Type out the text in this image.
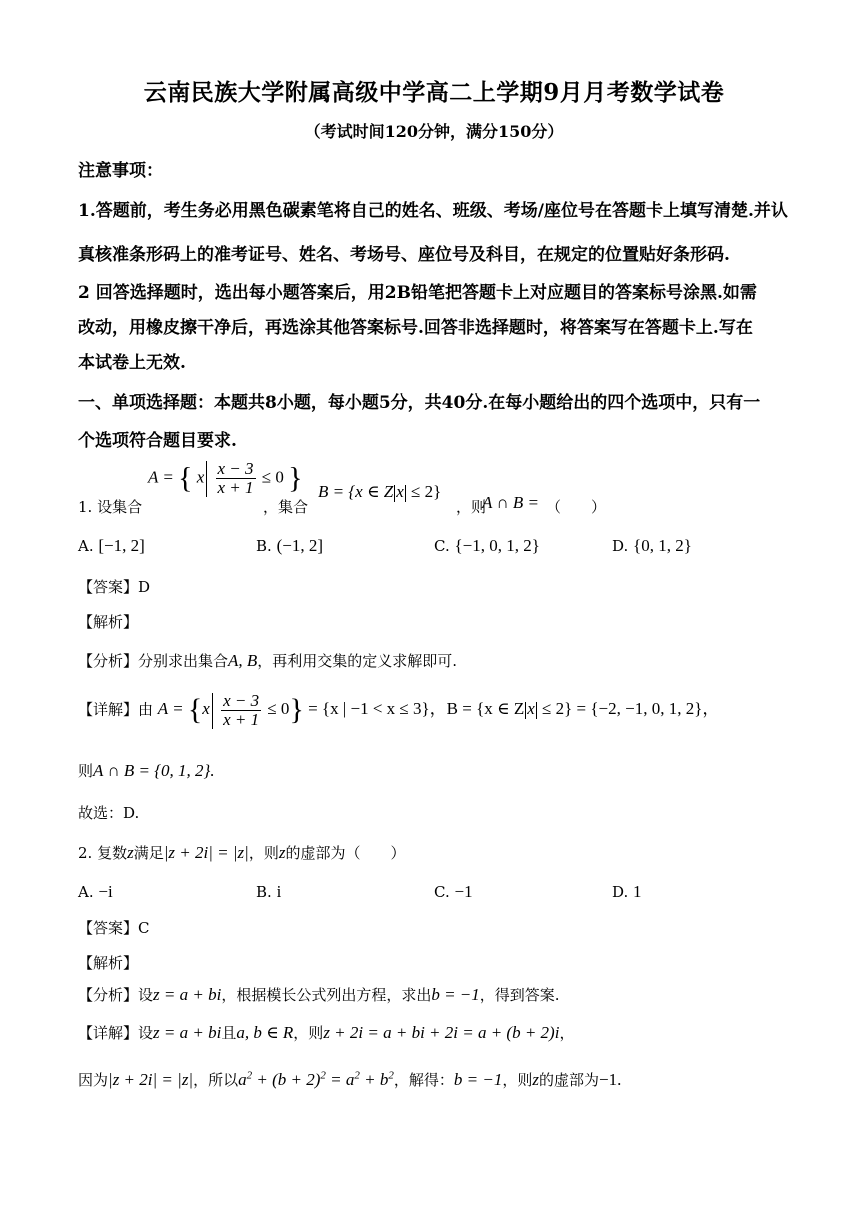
云南民族大学附属高级中学高二上学期9月月考数学试卷
（考试时间120分钟，满分150分）
注意事项：
1.答题前，考生务必用黑色碳素笔将自己的姓名、班级、考场/座位号在答题卡上填写清楚.并认
真核准条形码上的准考证号、姓名、考场号、座位号及科目，在规定的位置贴好条形码.
2 回答选择题时，选出每小题答案后，用2B铅笔把答题卡上对应题目的答案标号涂黑.如需
改动，用橡皮擦干净后，再选涂其他答案标号.回答非选择题时，将答案写在答题卡上.写在
本试卷上无效.
一、单项选择题：本题共8小题，每小题5分，共40分.在每小题给出的四个选项中，只有一
个选项符合题目要求.
1. 设集合
A = { x $\frac{x - 3}{x + 1} \le 0$ }
，集合
B = {x ∈ Z x ≤ 2}
，则
A ∩ B = （　　）
A. [−1, 2]	B. (−1, 2]	C. {−1, 0, 1, 2}	D. {0, 1, 2}
【答案】D
【解析】
【分析】分别求出集合A, B，再利用交集的定义求解即可.
【详解】由 $A = \{x \frac{x - 3}{x + 1} \le 0\} = \{x$ | −1 < x ≤ 3}，B = {x ∈ Z x ≤ 2} = {−2, −1, 0, 1, 2}，
则A ∩ B = {0, 1, 2}.
故选：D.
2. 复数z满足|z + 2i| = |z|，则z的虚部为（　　）
A. −i	B. i	C. −1	D. 1
【答案】C
【解析】
【分析】设z = a + bi，根据模长公式列出方程，求出b = −1，得到答案.
【详解】设z = a + bi且a, b ∈ R，则z + 2i = a + bi + 2i = a + (b + 2)i，
因为|z + 2i| = |z|，所以$a^2 + (b + 2)^2 = a^2 + b^2$，解得：b = −1，则z的虚部为−1.
